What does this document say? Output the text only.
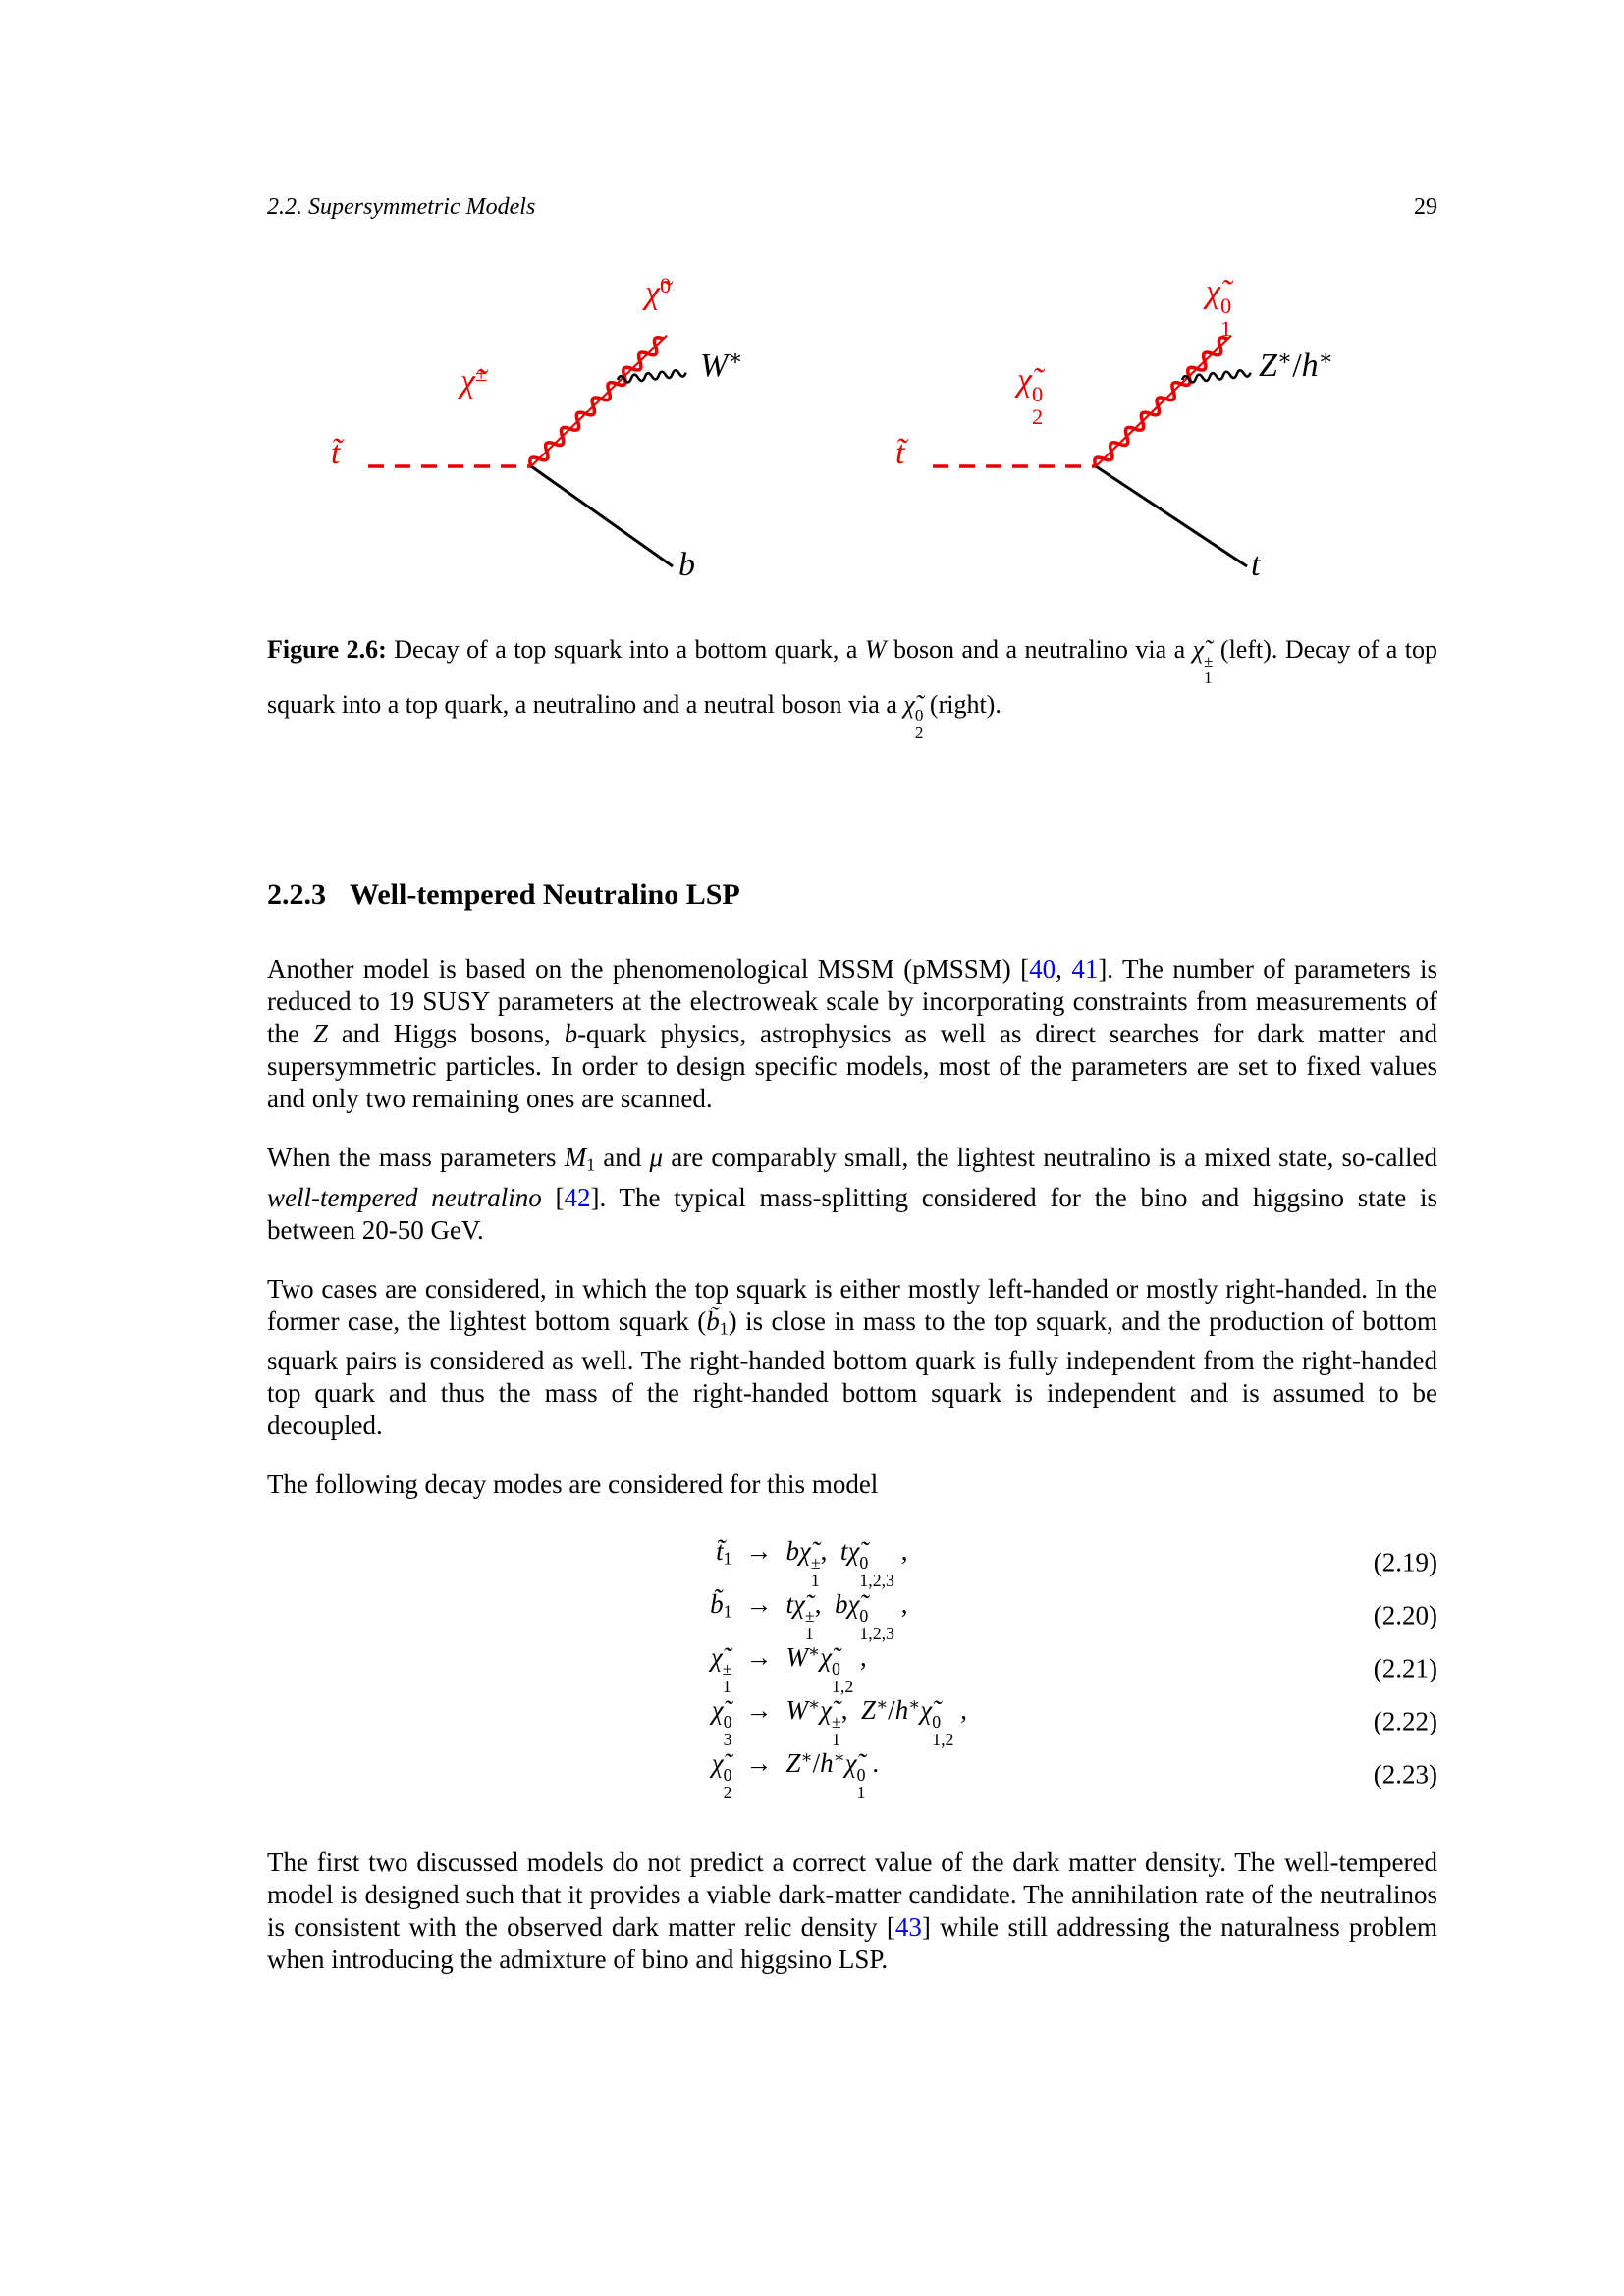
2.2. Supersymmetric Models	29
t̃
χ̃±
χ̃$^0$
W∗
b
t̃
χ̃ 0
2
χ̃ 0
1
Z∗/h∗
t
Figure 2.6: Decay of a top squark into a bottom quark, a W boson and a neutralino via a χ̃ ±
1
(left). Decay of a top squark into a top quark, a neutralino and a neutral boson via a χ̃ 0
2
(right).
2.2.3 Well-tempered Neutralino LSP

Another model is based on the phenomenological MSSM (pMSSM) [40, 41]. The number of parameters is reduced to 19 SUSY parameters at the electroweak scale by incorporating constraints from measurements of the Z and Higgs bosons, b-quark physics, astrophysics as well as direct searches for dark matter and supersymmetric particles. In order to design specific models, most of the parameters are set to fixed values and only two remaining ones are scanned.

When the mass parameters $M_1$ and μ are comparably small, the lightest neutralino is a mixed state, so-called well-tempered neutralino [42]. The typical mass-splitting considered for the bino and higgsino state is between 20-50 GeV.

Two cases are considered, in which the top squark is either mostly left-handed or mostly right-handed. In the former case, the lightest bottom squark $(b̃_1)$ is close in mass to the top squark, and the production of bottom squark pairs is considered as well. The right-handed bottom quark is fully independent from the right-handed top quark and thus the mass of the right-handed bottom squark is independent and is assumed to be decoupled.

The following decay modes are considered for this model

$t̃_1$ → bχ̃ ±
1
,  tχ̃ 0
1,2,3
,	(2.19)
$b̃_1$ → tχ̃ ±
1
,  bχ̃ 0
1,2,3
,	(2.20)
χ̃ ±
1
→ W∗χ̃ 0
1,2
,	(2.21)
χ̃ 0
3
→ W∗χ̃ ±
1
,  Z∗/h∗χ̃ 0
1,2
,	(2.22)
χ̃ 0
2
→ Z∗/h∗χ̃ 0
1
.	(2.23)

The first two discussed models do not predict a correct value of the dark matter density. The well-tempered model is designed such that it provides a viable dark-matter candidate. The annihilation rate of the neutralinos is consistent with the observed dark matter relic density [43] while still addressing the naturalness problem when introducing the admixture of bino and higgsino LSP.
